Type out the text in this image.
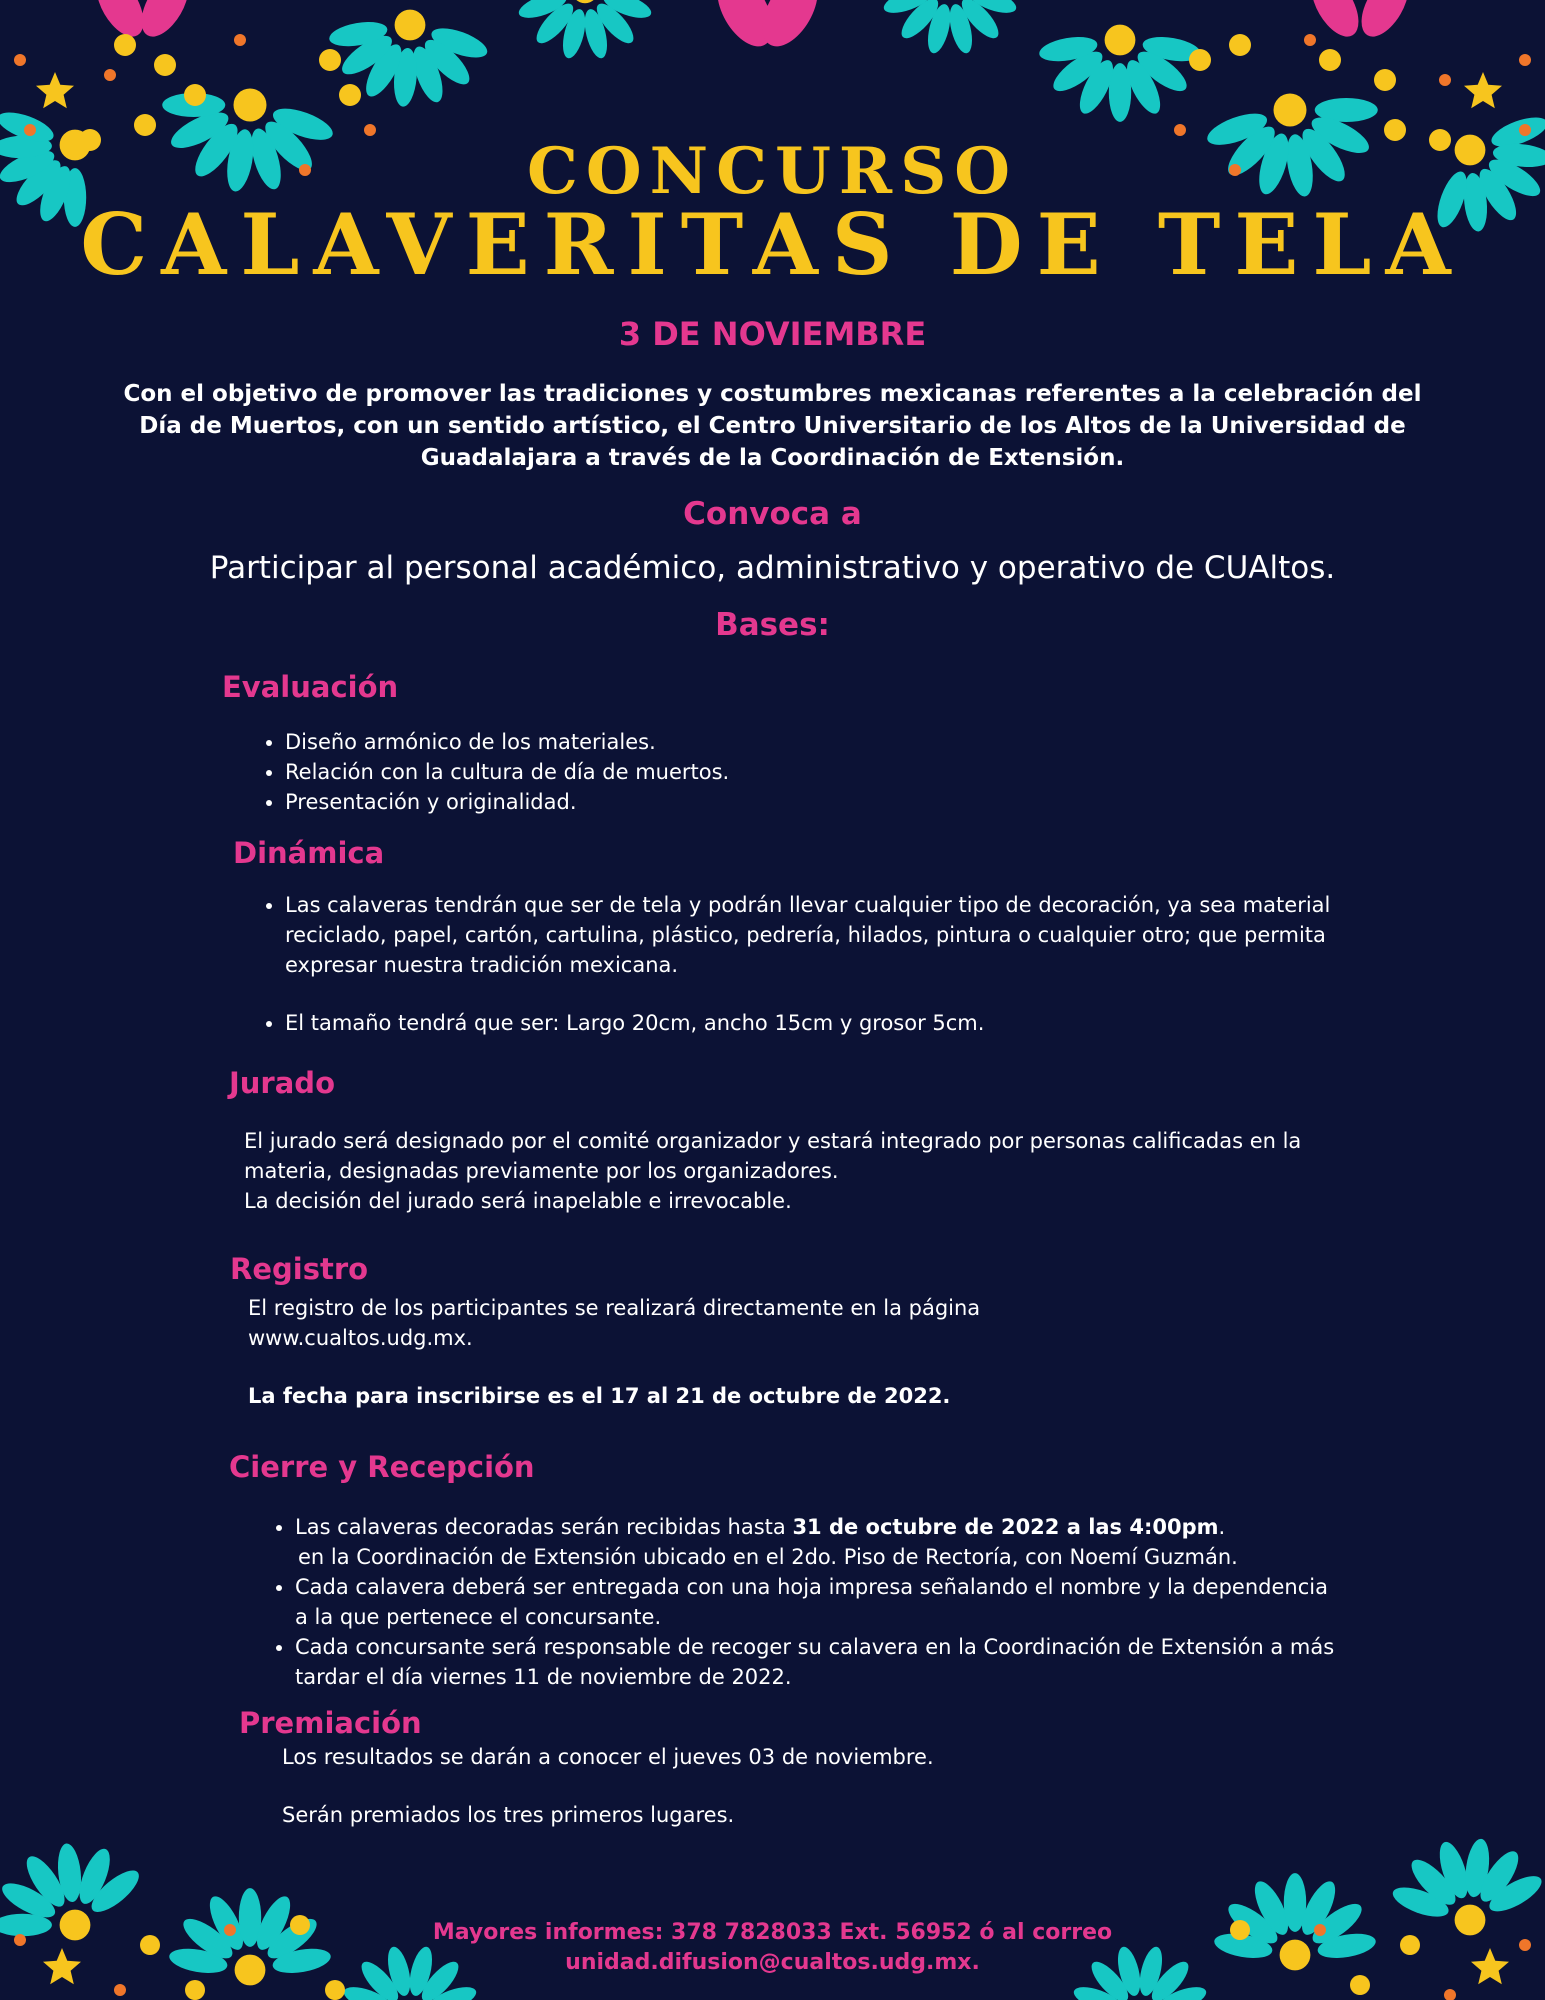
CONCURSO
CALAVERITAS DE TELA
3 DE NOVIEMBRE
Con el objetivo de promover las tradiciones y costumbres mexicanas referentes a la celebración del Día de Muertos, con un sentido artístico, el Centro Universitario de los Altos de la Universidad de Guadalajara a través de la Coordinación de Extensión.
Convoca a
Participar al personal académico, administrativo y operativo de CUAltos.
Bases:
Evaluación
• Diseño armónico de los materiales.
• Relación con la cultura de día de muertos.
• Presentación y originalidad.
Dinámica
• Las calaveras tendrán que ser de tela y podrán llevar cualquier tipo de decoración, ya sea material reciclado, papel, cartón, cartulina, plástico, pedrería, hilados, pintura o cualquier otro; que permita expresar nuestra tradición mexicana.
• El tamaño tendrá que ser: Largo 20cm, ancho 15cm y grosor 5cm.
Jurado
El jurado será designado por el comité organizador y estará integrado por personas calificadas en la materia, designadas previamente por los organizadores.
La decisión del jurado será inapelable e irrevocable.
Registro
El registro de los participantes se realizará directamente en la página
www.cualtos.udg.mx.
La fecha para inscribirse es el 17 al 21 de octubre de 2022.
Cierre y Recepción
• Las calaveras decoradas serán recibidas hasta 31 de octubre de 2022 a las 4:00pm.
en la Coordinación de Extensión ubicado en el 2do. Piso de Rectoría, con Noemí Guzmán.
• Cada calavera deberá ser entregada con una hoja impresa señalando el nombre y la dependencia a la que pertenece el concursante.
• Cada concursante será responsable de recoger su calavera en la Coordinación de Extensión a más tardar el día viernes 11 de noviembre de 2022.
Premiación
Los resultados se darán a conocer el jueves 03 de noviembre.
Serán premiados los tres primeros lugares.
Mayores informes: 378 7828033 Ext. 56952 ó al correo
unidad.difusion@cualtos.udg.mx.
